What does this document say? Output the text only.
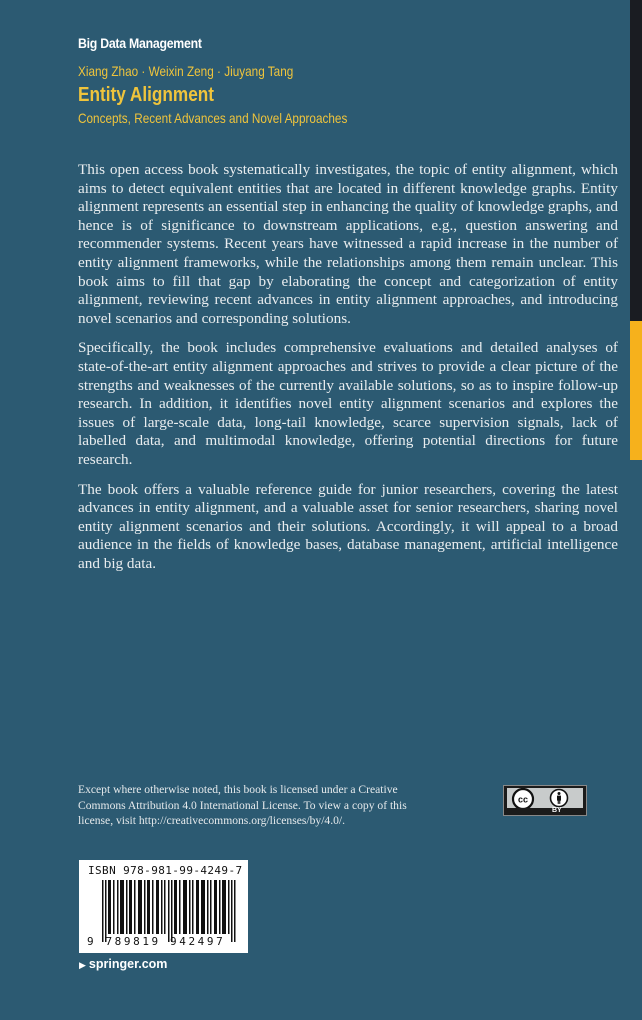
Big Data Management
Xiang Zhao · Weixin Zeng · Jiuyang Tang
Entity Alignment
Concepts, Recent Advances and Novel Approaches

This open access book systematically investigates, the topic of entity alignment, which aims to detect equivalent entities that are located in different knowledge graphs. Entity alignment represents an essential step in enhancing the quality of knowledge graphs, and hence is of significance to downstream applications, e.g., question answering and recommender systems. Recent years have witnessed a rapid increase in the number of entity alignment frameworks, while the relationships among them remain unclear. This book aims to fill that gap by elaborating the concept and categorization of entity alignment, reviewing recent advances in entity alignment approaches, and introducing novel scenarios and corresponding solutions.

Specifically, the book includes comprehensive evaluations and detailed analyses of state-of-the-art entity alignment approaches and strives to provide a clear picture of the strengths and weaknesses of the currently available solutions, so as to inspire follow-up research. In addition, it identifies novel entity alignment scenarios and explores the issues of large-scale data, long-tail knowledge, scarce supervision signals, lack of labelled data, and multimodal knowledge, offering potential directions for future research.

The book offers a valuable reference guide for junior researchers, covering the latest advances in entity alignment, and a valuable asset for senior researchers, sharing novel entity alignment scenarios and their solutions. Accordingly, it will appeal to a broad audience in the fields of knowledge bases, database management, artificial intelligence and big data.

Except where otherwise noted, this book is licensed under a Creative Commons Attribution 4.0 International License. To view a copy of this license, visit http://creativecommons.org/licenses/by/4.0/.
cc
BY
ISBN 978-981-99-4249-7
9 789819 942497
▶ springer.com
